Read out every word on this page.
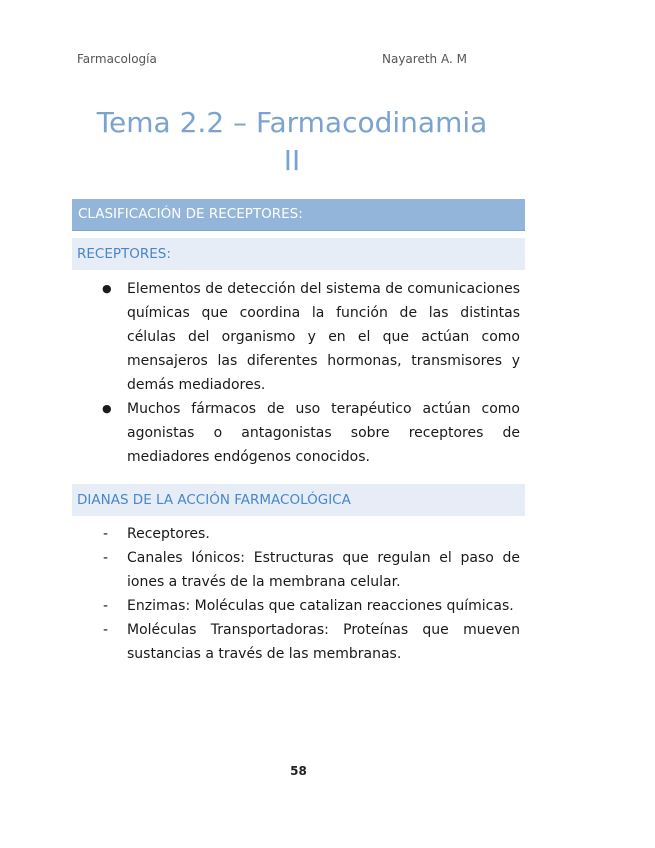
Farmacología	Nayareth A. M
Tema 2.2 – Farmacodinamia
II
CLASIFICACIÓN DE RECEPTORES:
RECEPTORES:
● Elementos de detección del sistema de comunicaciones químicas que coordina la función de las distintas células del organismo y en el que actúan como mensajeros las diferentes hormonas, transmisores y demás mediadores.
● Muchos fármacos de uso terapéutico actúan como agonistas o antagonistas sobre receptores de mediadores endógenos conocidos.
DIANAS DE LA ACCIÓN FARMACOLÓGICA
- Receptores.
- Canales Iónicos: Estructuras que regulan el paso de iones a través de la membrana celular.
- Enzimas: Moléculas que catalizan reacciones químicas.
- Moléculas Transportadoras: Proteínas que mueven sustancias a través de las membranas.
58
